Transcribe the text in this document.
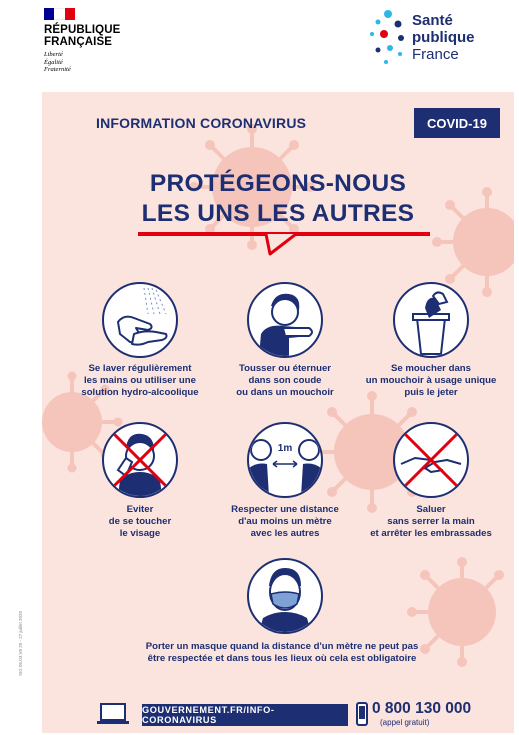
RÉPUBLIQUE
FRANÇAISE
Liberté
Égalité
Fraternité
Santé
publique
France
INFORMATION CORONAVIRUS	COVID-19
PROTÉGEONS-NOUS
LES UNS LES AUTRES
Se laver régulièrement
les mains ou utiliser une
solution hydro-alcoolique
Tousser ou éternuer
dans son coude
ou dans un mouchoir
Se moucher dans
un mouchoir à usage unique
puis le jeter
Eviter
de se toucher
le visage
1m
Respecter une distance
d'au moins un mètre
avec les autres
Saluer
sans serrer la main
et arrêter les embrassades
Porter un masque quand la distance d'un mètre ne peut pas
être respectée et dans tous les lieux où cela est obligatoire
GOUVERNEMENT.FR/INFO-CORONAVIRUS
0 800 130 000
(appel gratuit)
SIG 05.03.V8 20 - 27 juillet 2020
